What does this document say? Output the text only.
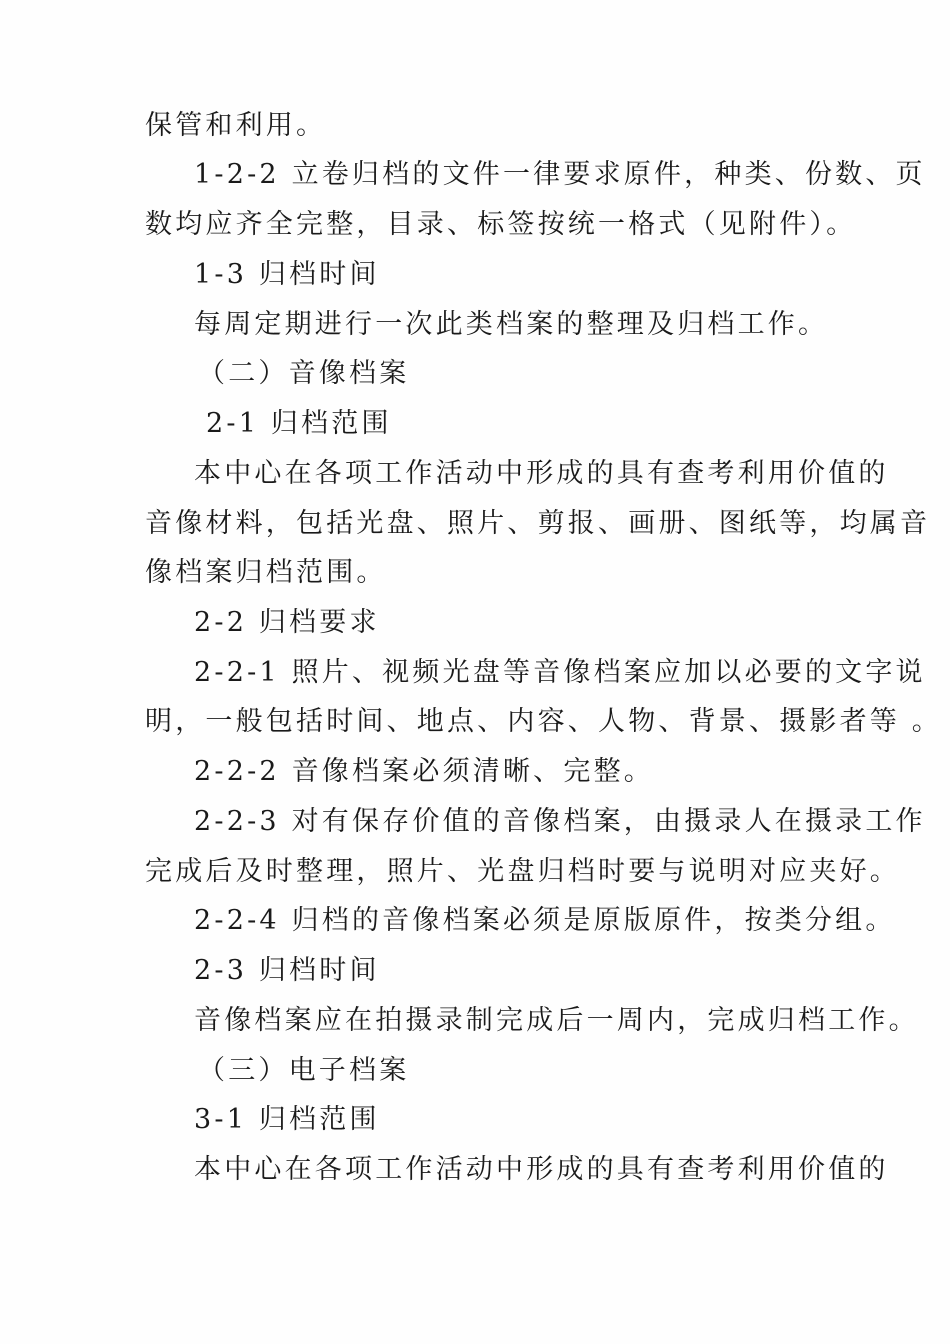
保管和利用。
1-2-2 立卷归档的文件一律要求原件，种类、份数、页
数均应齐全完整，目录、标签按统一格式（见附件）。
1-3 归档时间
每周定期进行一次此类档案的整理及归档工作。
（二）音像档案
2-1 归档范围
本中心在各项工作活动中形成的具有查考利用价值的
音像材料，包括光盘、照片、剪报、画册、图纸等，均属音
像档案归档范围。
2-2 归档要求
2-2-1 照片、视频光盘等音像档案应加以必要的文字说
明，一般包括时间、地点、内容、人物、背景、摄影者等 。
2-2-2 音像档案必须清晰、完整。
2-2-3 对有保存价值的音像档案，由摄录人在摄录工作
完成后及时整理，照片、光盘归档时要与说明对应夹好。
2-2-4 归档的音像档案必须是原版原件，按类分组。
2-3 归档时间
音像档案应在拍摄录制完成后一周内，完成归档工作。
（三）电子档案
3-1 归档范围
本中心在各项工作活动中形成的具有查考利用价值的
